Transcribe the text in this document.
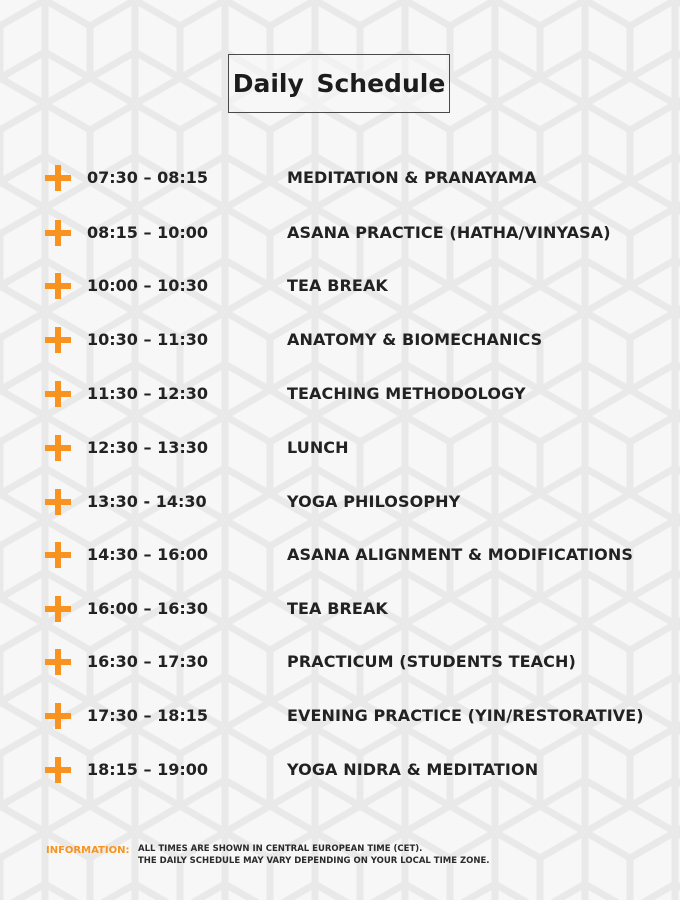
Daily Schedule
07:30 – 08:15	MEDITATION & PRANAYAMA
08:15 – 10:00	ASANA PRACTICE (HATHA/VINYASA)
10:00 – 10:30	TEA BREAK
10:30 – 11:30	ANATOMY & BIOMECHANICS
11:30 – 12:30	TEACHING METHODOLOGY
12:30 – 13:30	LUNCH
13:30 - 14:30	YOGA PHILOSOPHY
14:30 – 16:00	ASANA ALIGNMENT & MODIFICATIONS
16:00 – 16:30	TEA BREAK
16:30 – 17:30	PRACTICUM (STUDENTS TEACH)
17:30 – 18:15	EVENING PRACTICE (YIN/RESTORATIVE)
18:15 – 19:00	YOGA NIDRA & MEDITATION
INFORMATION: ALL TIMES ARE SHOWN IN CENTRAL EUROPEAN TIME (CET).
THE DAILY SCHEDULE MAY VARY DEPENDING ON YOUR LOCAL TIME ZONE.
